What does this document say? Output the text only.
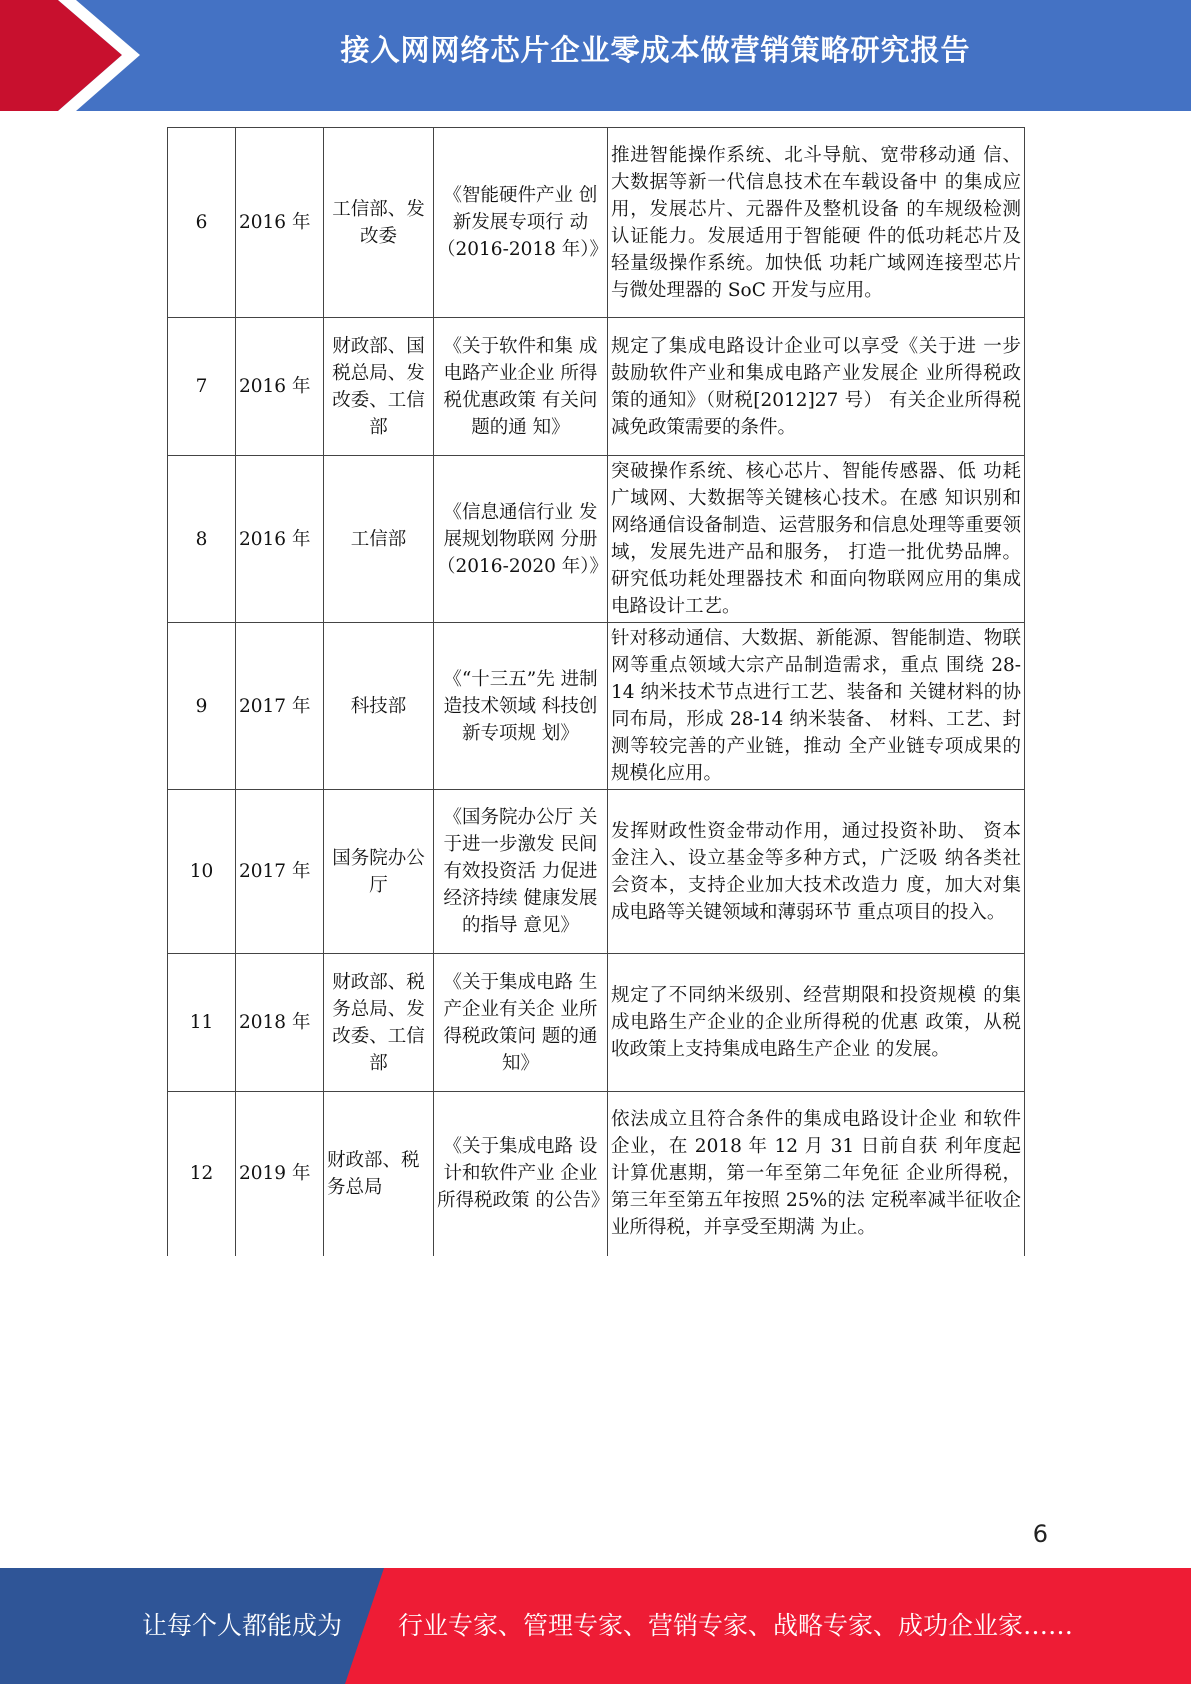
接入网网络芯片企业零成本做营销策略研究报告
6	2016 年	工信部、发改委	《智能硬件产业 创新发展专项行 动（2016-2018 年）》	推进智能操作系统、北斗导航、宽带移动通 信、大数据等新一代信息技术在车载设备中 的集成应用，发展芯片、元器件及整机设备 的车规级检测认证能力。发展适用于智能硬 件的低功耗芯片及轻量级操作系统。加快低 功耗广域网连接型芯片与微处理器的 SoC 开发与应用。
7	2016 年	财政部、国税总局、发改委、工信部	《关于软件和集 成电路产业企业 所得税优惠政策 有关问题的通 知》	规定了集成电路设计企业可以享受《关于进 一步鼓励软件产业和集成电路产业发展企 业所得税政策的通知》（财税[2012]27 号） 有关企业所得税减免政策需要的条件。
8	2016 年	工信部	《信息通信行业 发展规划物联网 分册（2016-2020 年）》	突破操作系统、核心芯片、智能传感器、低 功耗广域网、大数据等关键核心技术。在感 知识别和网络通信设备制造、运营服务和信息处理等重要领域，发展先进产品和服务， 打造一批优势品牌。研究低功耗处理器技术 和面向物联网应用的集成电路设计工艺。
9	2017 年	科技部	《“十三五”先 进制造技术领域 科技创新专项规 划》	针对移动通信、大数据、新能源、智能制造、物联网等重点领域大宗产品制造需求，重点 围绕 28-14 纳米技术节点进行工艺、装备和 关键材料的协同布局，形成 28-14 纳米装备、 材料、工艺、封测等较完善的产业链，推动 全产业链专项成果的规模化应用。
10	2017 年	国务院办公厅	《国务院办公厅 关于进一步激发 民间有效投资活 力促进经济持续 健康发展的指导 意见》	发挥财政性资金带动作用，通过投资补助、 资本金注入、设立基金等多种方式，广泛吸 纳各类社会资本，支持企业加大技术改造力 度，加大对集成电路等关键领域和薄弱环节 重点项目的投入。
11	2018 年	财政部、税务总局、发改委、工信部	《关于集成电路 生产企业有关企 业所得税政策问 题的通知》	规定了不同纳米级别、经营期限和投资规模 的集成电路生产企业的企业所得税的优惠 政策，从税收政策上支持集成电路生产企业 的发展。
12	2019 年	财政部、税务总局	《关于集成电路 设计和软件产业 企业所得税政策 的公告》	依法成立且符合条件的集成电路设计企业 和软件企业，在 2018 年 12 月 31 日前自获 利年度起计算优惠期，第一年至第二年免征 企业所得税，第三年至第五年按照 25%的法 定税率减半征收企业所得税，并享受至期满 为止。
6
让每个人都能成为 行业专家、管理专家、营销专家、战略专家、成功企业家……
